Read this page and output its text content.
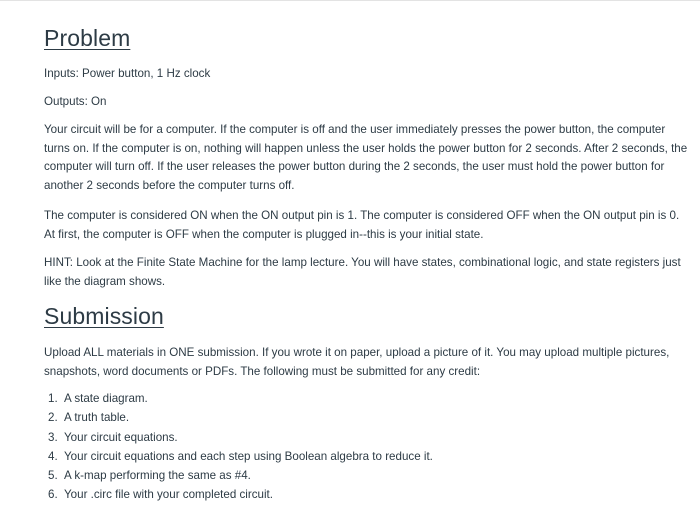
Problem

Inputs: Power button, 1 Hz clock

Outputs: On

Your circuit will be for a computer. If the computer is off and the user immediately presses the power button, the computer turns on. If the computer is on, nothing will happen unless the user holds the power button for 2 seconds. After 2 seconds, the computer will turn off. If the user releases the power button during the 2 seconds, the user must hold the power button for another 2 seconds before the computer turns off.

The computer is considered ON when the ON output pin is 1. The computer is considered OFF when the ON output pin is 0. At first, the computer is OFF when the computer is plugged in--this is your initial state.

HINT: Look at the Finite State Machine for the lamp lecture. You will have states, combinational logic, and state registers just like the diagram shows.

Submission

Upload ALL materials in ONE submission. If you wrote it on paper, upload a picture of it. You may upload multiple pictures, snapshots, word documents or PDFs. The following must be submitted for any credit:

1. A state diagram.
2. A truth table.
3. Your circuit equations.
4. Your circuit equations and each step using Boolean algebra to reduce it.
5. A k-map performing the same as #4.
6. Your .circ file with your completed circuit.
